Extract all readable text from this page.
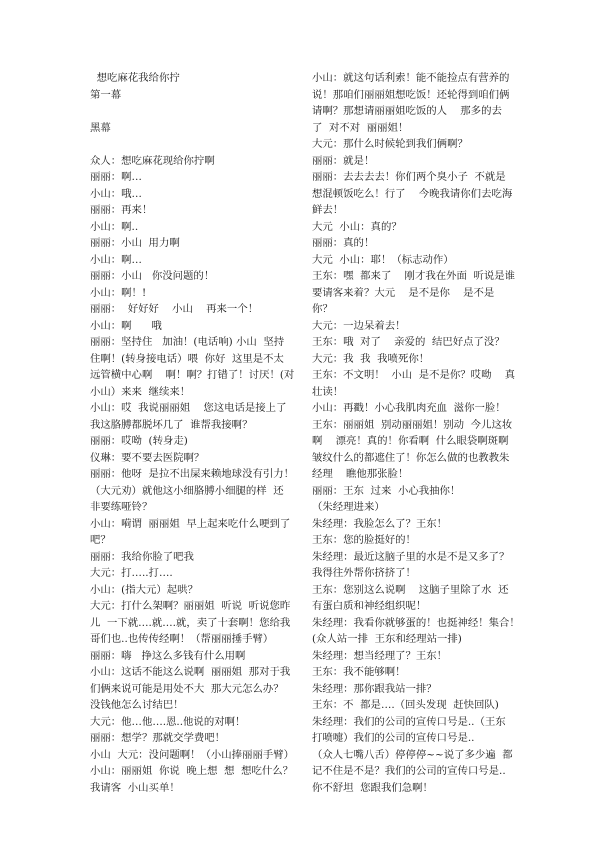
想吃麻花我给你拧
第一幕
黑幕
众人：想吃麻花现给你拧啊
丽丽：啊…
小山：哦…
丽丽：再来！
小山：啊..
丽丽：小山  用力啊
小山：啊…
丽丽：小山   你没问题的！
小山：啊！!
丽丽：  好好好    小山    再来一个！
小山：啊      哦
丽丽：坚持住   加油！(电话响) 小山  坚持
住啊！(转身接电话）喂  你好  这里是不太
远管横中心啊    啊！啊？打错了！讨厌！(对
小山）来来  继续来！
小山：哎  我说丽丽姐    您这电话是接上了
我这胳膊都脱坏几了  谁帮我接啊？
丽丽：哎呦  (转身走)
仪琳：要不要去医院啊？
丽丽：他呀  是拉不出屎来赖地球没有引力！
（大元劝）就他这小细胳膊小细腿的样  还
非要练哑铃？
小山：嗬谓  丽丽姐  早上起来吃什么哽到了
吧？
丽丽：我给你脸了吧我
大元：打…..打….
小山：(指大元）起哄？
大元：打什么架啊？丽丽姐  听说  听说您昨
儿  一下就….就….就，卖了十套啊！您给我
哥们也..也传传经啊！（帮丽丽捶手臂）
丽丽：嗨   挣这么多钱有什么用啊
小山：这话不能这么说啊  丽丽姐  那对于我
们俩来说可能是用处不大  那大元怎么办？
没钱他怎么讨结巴！
大元：他…他….恩..他说的对啊！
丽丽：想学？那就交学费吧！
小山  大元：没问题啊！（小山捧丽丽手臂）
小山：丽丽姐  你说  晚上想  想  想吃什么？
我请客  小山买单！
小山：就这句话利索！能不能捡点有营养的
说！那咱们丽丽姐想吃饭！还轮得到咱们俩
请啊？那想请丽丽姐吃饭的人    那多的去
了  对不对  丽丽姐！
大元：那什么时候轮到我们俩啊？
丽丽：就是！
丽丽：去去去去！你们两个臭小子  不就是
想混顿饭吃么！行了    今晚我请你们去吃海
鲜去！
大元  小山：真的？
丽丽：真的！
大元  小山：耶！（标志动作）
王东：嘿  都来了    刚才我在外面  听说是谁
要请客来着？大元    是不是你    是不是
你？
大元：一边呆着去！
王东：哦  对了    亲爱的  结巴好点了没？
大元：我  我  我喷死你！
王东：不文明！  小山  是不是你？哎呦    真
壮读！
小山：再戳！小心我肌肉充血  滋你一脸！
王东：丽丽姐  别动丽丽姐！别动  今儿这妆
啊    漂亮！真的！你看啊  什么眼袋啊斑啊
皱纹什么的都遮住了！你怎么做的也教教朱
经理    瞧他那张脸！
丽丽：王东  过来  小心我抽你！
（朱经理进来）
朱经理：我脸怎么了？王东！
王东：您的脸挺好的！
朱经理：最近这脑子里的水是不是又多了？
我得往外帮你挤挤了！
王东：您别这么说啊    这脑子里除了水  还
有蛋白质和神经组织呢！
朱经理：我看你就够蛋的！也挺神经！集合！
(众人站一排  王东和经理站一排)
朱经理：想当经理了？王东！
王东：我不能够啊！
朱经理：那你跟我站一排？
王东：不  都是….（回头发现  赶快回队)
朱经理：我们的公司的宣传口号是..（王东
打喷嚏）我们的公司的宣传口号是..
（众人七嘴八舌）停停停~~说了多少遍  都
记不住是不是？我们的公司的宣传口号是..
你不舒坦  您跟我们急啊！
